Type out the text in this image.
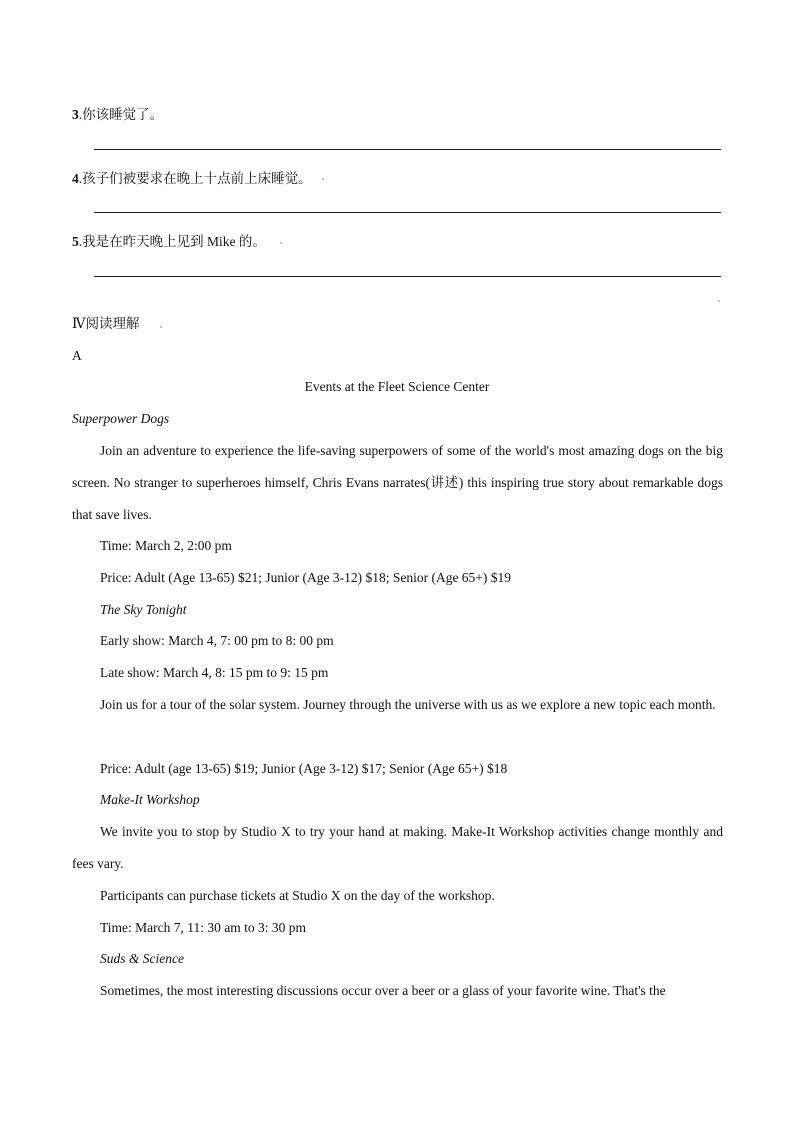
3.你该睡觉了。
4.孩子们被要求在晚上十点前上床睡觉。
5.我是在昨天晚上见到 Mike 的。
Ⅳ阅读理解
A
Events at the Fleet Science Center
Superpower Dogs
Join an adventure to experience the life-saving superpowers of some of the world's most amazing dogs on the big screen. No stranger to superheroes himself, Chris Evans narrates(讲述) this inspiring true story about remarkable dogs that save lives.
Time: March 2, 2:00 pm
Price: Adult (Age 13-65) $21; Junior (Age 3-12) $18; Senior (Age 65+) $19
The Sky Tonight
Early show: March 4, 7: 00 pm to 8: 00 pm
Late show: March 4, 8: 15 pm to 9: 15 pm
Join us for a tour of the solar system. Journey through the universe with us as we explore a new topic each month.
Price: Adult (age 13-65) $19; Junior (Age 3-12) $17; Senior (Age 65+) $18
Make-It Workshop
We invite you to stop by Studio X to try your hand at making. Make-It Workshop activities change monthly and fees vary.
Participants can purchase tickets at Studio X on the day of the workshop.
Time: March 7, 11: 30 am to 3: 30 pm
Suds & Science
Sometimes, the most interesting discussions occur over a beer or a glass of your favorite wine. That's the
